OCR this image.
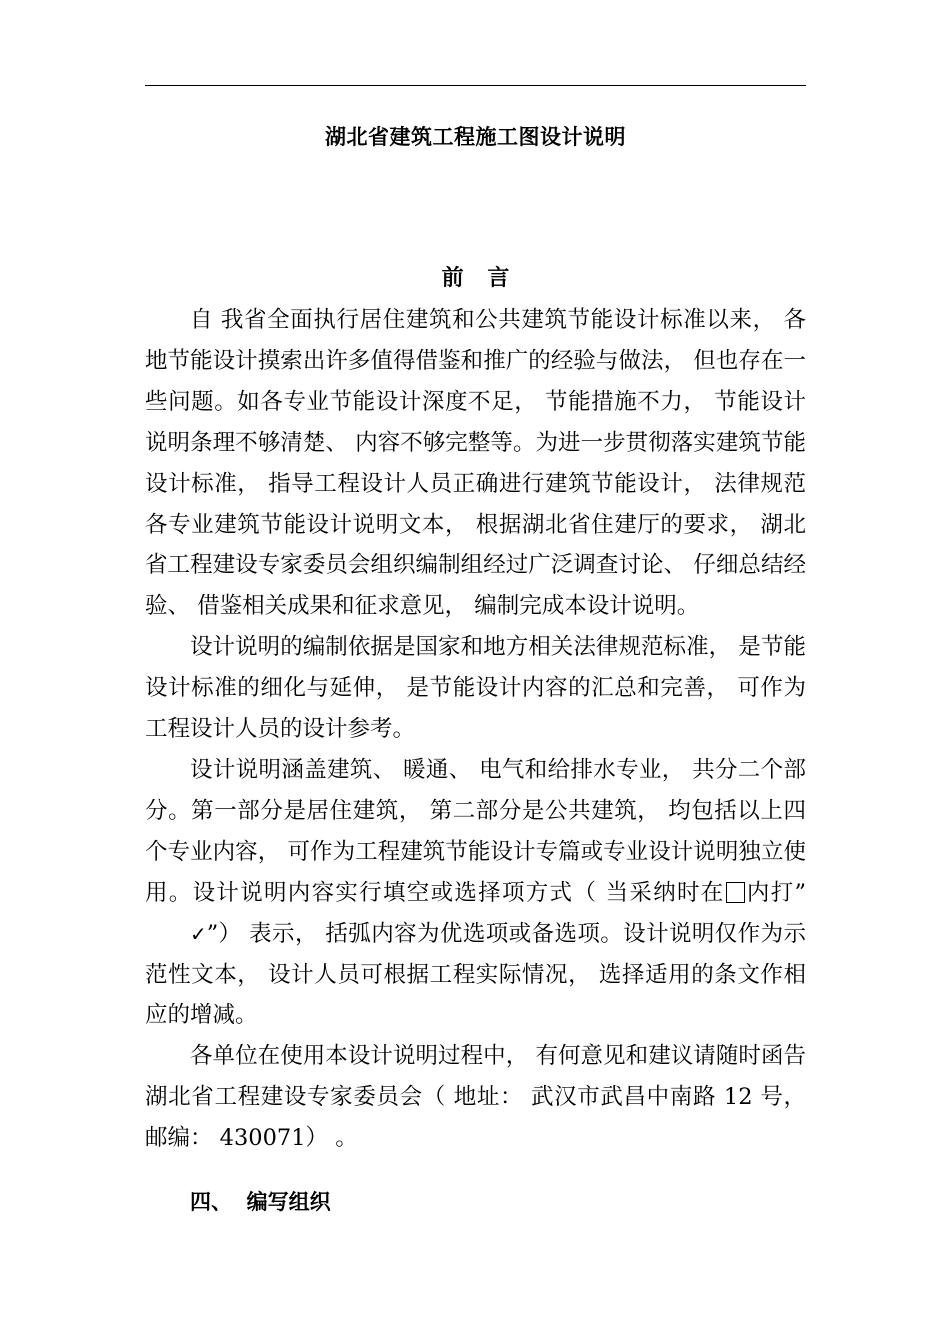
湖北省建筑工程施工图设计说明
前 言

自 我省全面执行居住建筑和公共建筑节能设计标准以来， 各地节能设计摸索出许多值得借鉴和推广的经验与做法， 但也存在一些问题。如各专业节能设计深度不足， 节能措施不力， 节能设计说明条理不够清楚、 内容不够完整等。为进一步贯彻落实建筑节能设计标准， 指导工程设计人员正确进行建筑节能设计， 法律规范各专业建筑节能设计说明文本， 根据湖北省住建厅的要求， 湖北省工程建设专家委员会组织编制组经过广泛调查讨论、 仔细总结经验、 借鉴相关成果和征求意见， 编制完成本设计说明。

设计说明的编制依据是国家和地方相关法律规范标准， 是节能设计标准的细化与延伸， 是节能设计内容的汇总和完善， 可作为工程设计人员的设计参考。

设计说明涵盖建筑、 暖通、 电气和给排水专业， 共分二个部分。第一部分是居住建筑， 第二部分是公共建筑， 均包括以上四个专业内容， 可作为工程建筑节能设计专篇或专业设计说明独立使用。设计说明内容实行填空或选择项方式（ 当采纳时在 内打”✓”） 表示， 括弧内容为优选项或备选项。设计说明仅作为示范性文本， 设计人员可根据工程实际情况， 选择适用的条文作相应的增减。

各单位在使用本设计说明过程中， 有何意见和建议请随时函告湖北省工程建设专家委员会（ 地址： 武汉市武昌中南路 12 号， 邮编： 430071） 。

四、  编写组织
